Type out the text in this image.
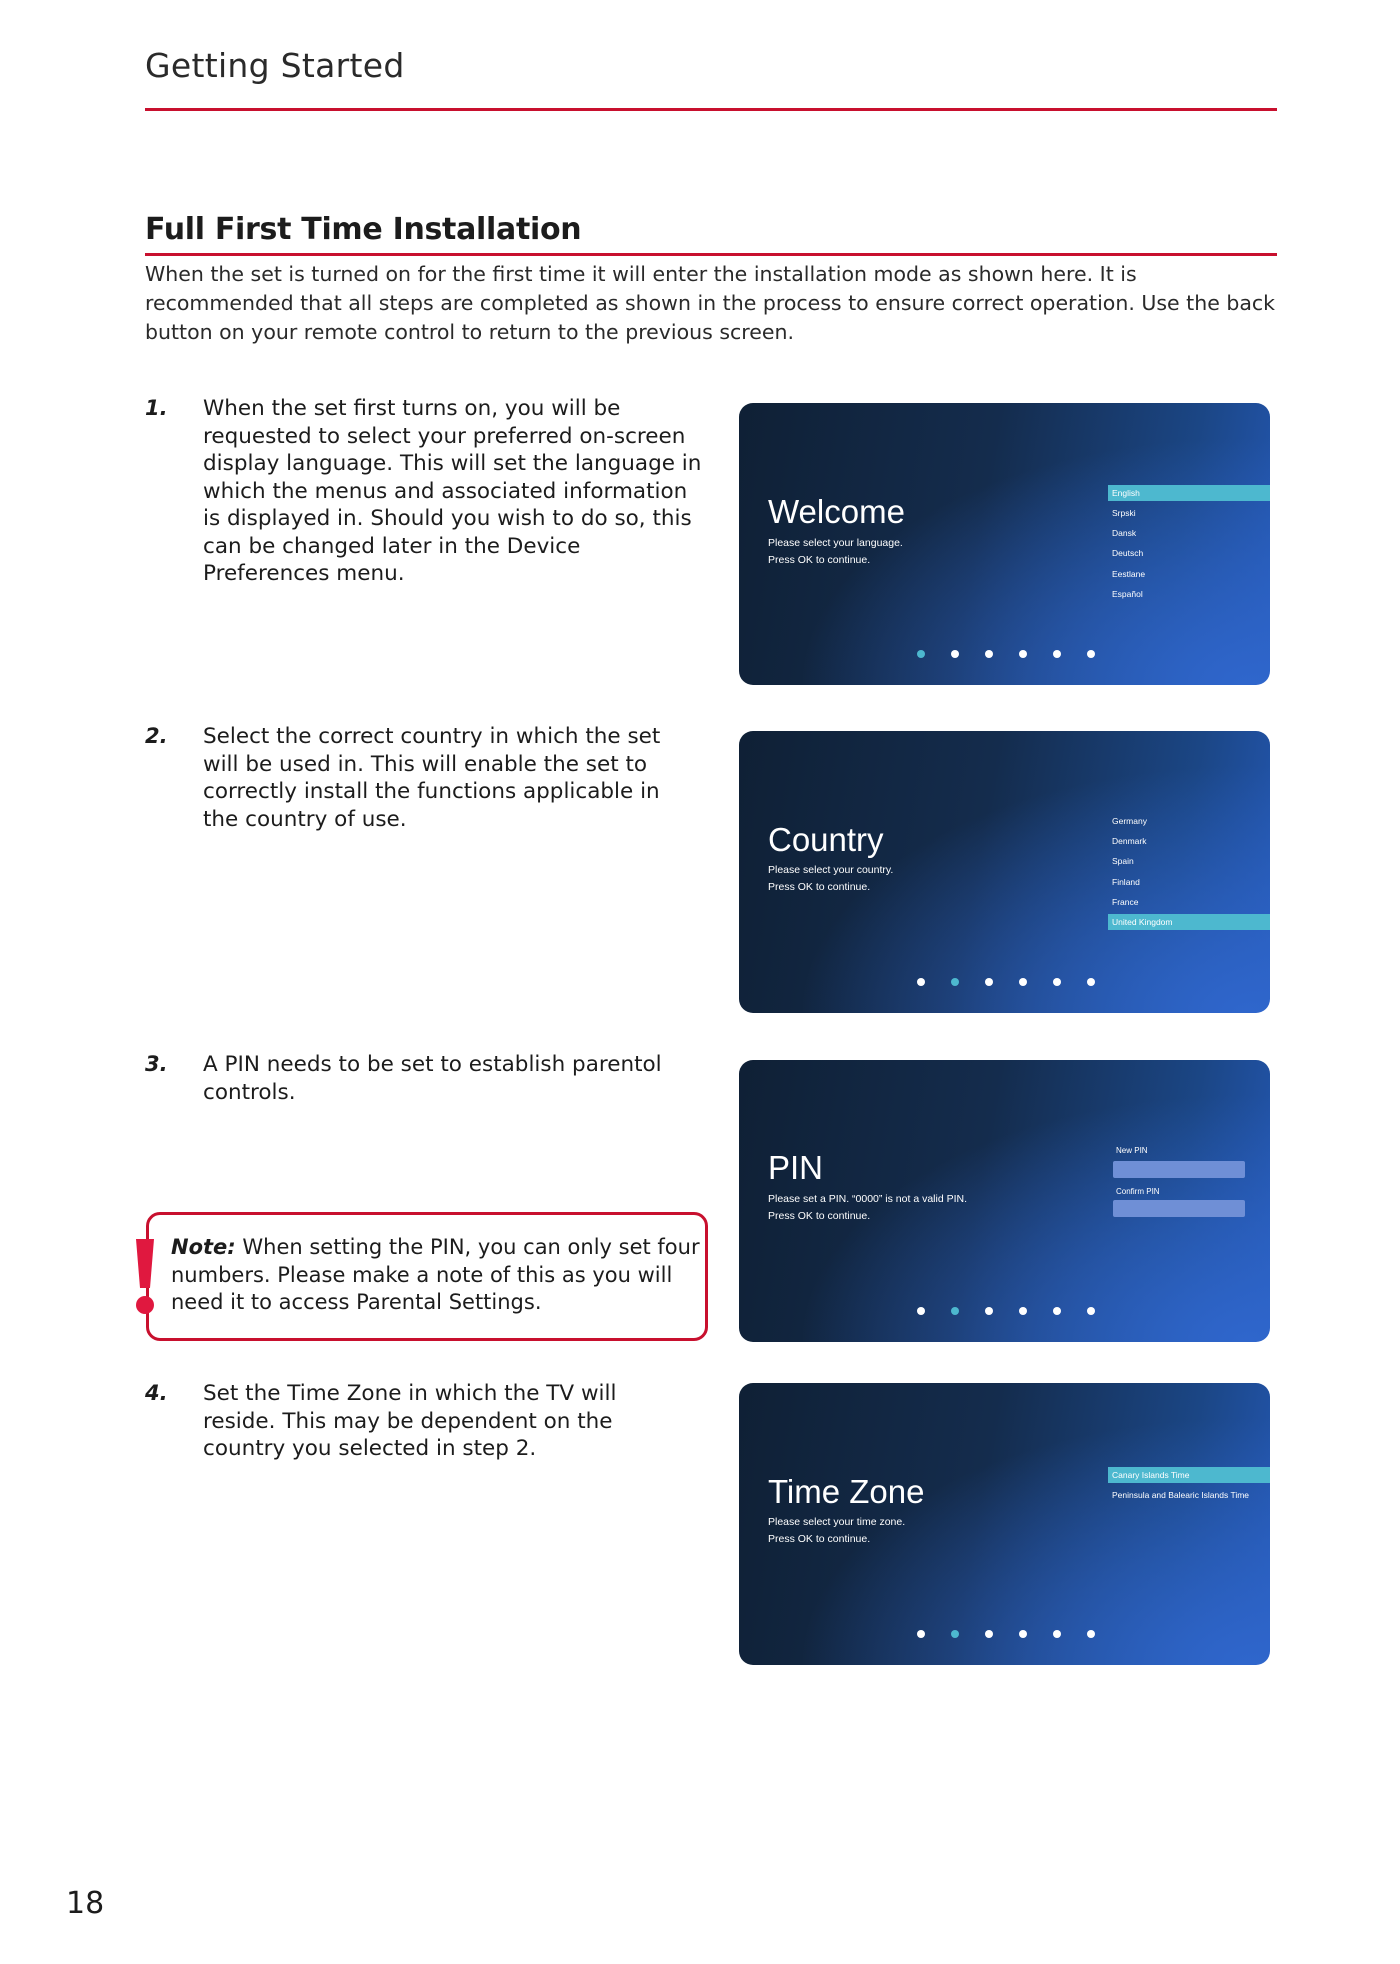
Getting Started
Full First Time Installation
When the set is turned on for the first time it will enter the installation mode as shown here. It is recommended that all steps are completed as shown in the process to ensure correct operation. Use the back button on your remote control to return to the previous screen.
1. When the set first turns on, you will be requested to select your preferred on-screen display language. This will set the language in which the menus and associated information is displayed in. Should you wish to do so, this can be changed later in the Device Preferences menu.
2. Select the correct country in which the set will be used in. This will enable the set to correctly install the functions applicable in the country of use.
3. A PIN needs to be set to establish parentol controls.
Note: When setting the PIN, you can only set four numbers. Please make a note of this as you will need it to access Parental Settings.
4. Set the Time Zone in which the TV will reside. This may be dependent on the country you selected in step 2.
Welcome
Please select your language.
Press OK to continue.
English
Srpski
Dansk
Deutsch
Eestlane
Español
Country
Please select your country.
Press OK to continue.
Germany
Denmark
Spain
Finland
France
United Kingdom
PIN
Please set a PIN. “0000” is not a valid PIN.
Press OK to continue.
New PIN
Confirm PIN
Time Zone
Please select your time zone.
Press OK to continue.
Canary Islands Time
Peninsula and Balearic Islands Time
18
